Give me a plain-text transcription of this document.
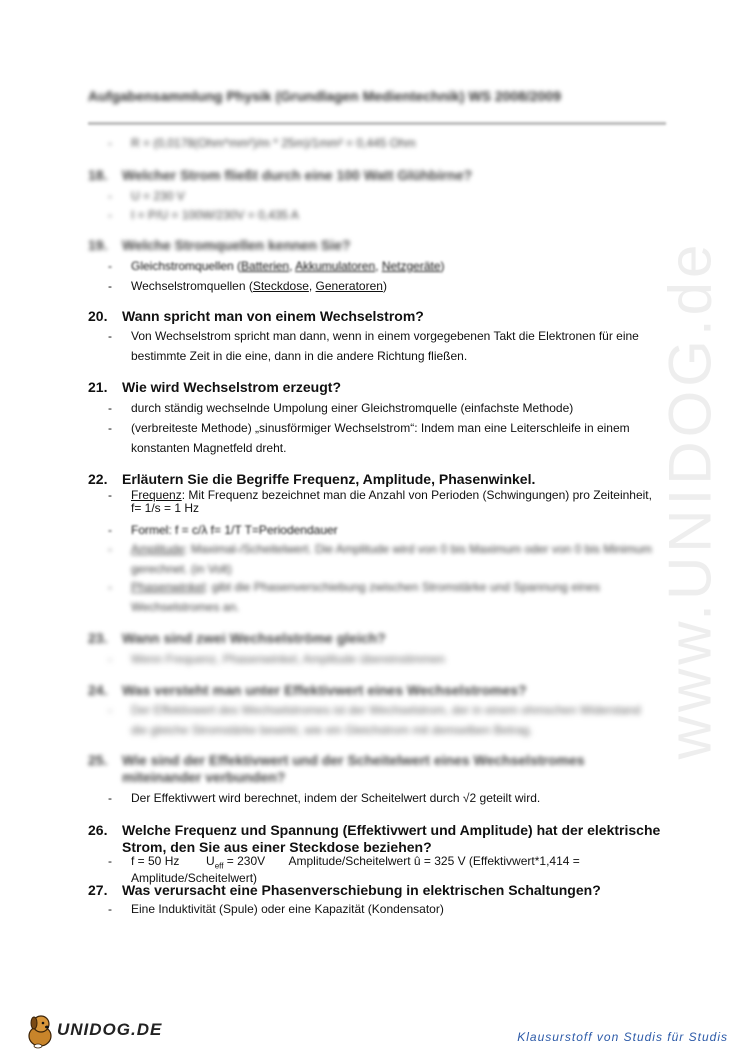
Aufgabensammlung Physik (Grundlagen Medientechnik) WS 2008/2009
- R = (0,0178(Ohm*mm²)/m * 25m)/1mm² = 0,445 Ohm
18. Welcher Strom fließt durch eine 100 Watt Glühbirne?
- U = 230 V
- I = P/U = 100W/230V = 0,435 A
19. Welche Stromquellen kennen Sie?
- Gleichstromquellen (Batterien, Akkumulatoren, Netzgeräte)
- Wechselstromquellen (Steckdose, Generatoren)
20. Wann spricht man von einem Wechselstrom?
- Von Wechselstrom spricht man dann, wenn in einem vorgegebenen Takt die Elektronen für eine bestimmte Zeit in die eine, dann in die andere Richtung fließen.
21. Wie wird Wechselstrom erzeugt?
- durch ständig wechselnde Umpolung einer Gleichstromquelle (einfachste Methode)
- (verbreiteste Methode) „sinusförmiger Wechselstrom“: Indem man eine Leiterschleife in einem konstanten Magnetfeld dreht.
22. Erläutern Sie die Begriffe Frequenz, Amplitude, Phasenwinkel.
- Frequenz: Mit Frequenz bezeichnet man die Anzahl von Perioden (Schwingungen) pro Zeiteinheit, f= 1/s = 1 Hz
- Formel: f = c/λ f= 1/T T=Periodendauer
- Amplitude: Maximal-/Scheitelwert. Die Amplitude wird von 0 bis Maximum oder von 0 bis Minimum gerechnet. (in Volt)
- Phasenwinkel: gibt die Phasenverschiebung zwischen Stromstärke und Spannung eines Wechselstromes an.
23. Wann sind zwei Wechselströme gleich?
- Wenn Frequenz, Phasenwinkel, Amplitude übereinstimmen
24. Was versteht man unter Effektivwert eines Wechselstromes?
- Der Effektivwert des Wechselstromes ist der Wechselstrom, der in einem ohmschen Widerstand die gleiche Stromstärke bewirkt, wie ein Gleichstrom mit demselben Betrag.
25. Wie sind der Effektivwert und der Scheitelwert eines Wechselstromes miteinander verbunden?
- Der Effektivwert wird berechnet, indem der Scheitelwert durch √2 geteilt wird.
26. Welche Frequenz und Spannung (Effektivwert und Amplitude) hat der elektrische Strom, den Sie aus einer Steckdose beziehen?
- f = 50 Hz $U_{eff} = 230V$ Amplitude/Scheitelwert û = 325 V (Effektivwert*1,414 = Amplitude/Scheitelwert)
27. Was verursacht eine Phasenverschiebung in elektrischen Schaltungen?
- Eine Induktivität (Spule) oder eine Kapazität (Kondensator)
www.UNIDOG.de
UNIDOG.DE	Klausurstoff von Studis für Studis
